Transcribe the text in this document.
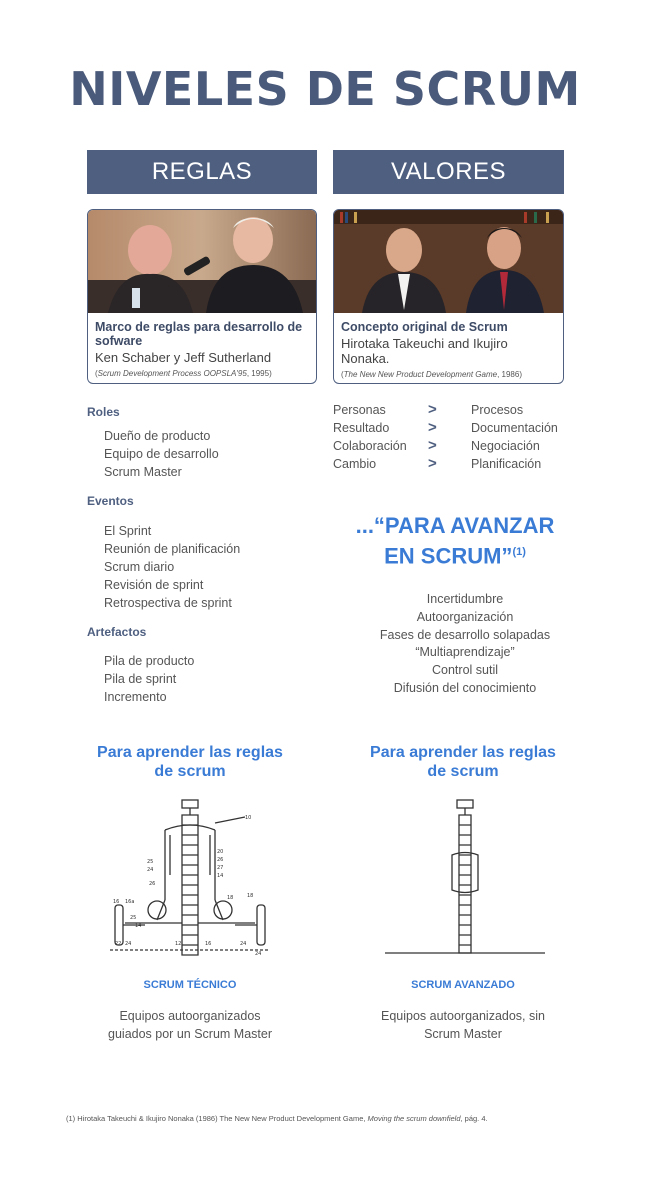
NIVELES DE SCRUM
REGLAS	VALORES
Marco de reglas para desarrollo de sofware
Ken Schaber y Jeff Sutherland
(Scrum Development Process OOPSLA'95, 1995)
Concepto original de Scrum
Hirotaka Takeuchi and Ikujiro Nonaka.
(The New New Product Development Game, 1986)
Roles
Dueño de producto
Equipo de desarrollo
Scrum Master
Eventos
El Sprint
Reunión de planificación
Scrum diario
Revisión de sprint
Retrospectiva de sprint
Artefactos
Pila de producto
Pila de sprint
Incremento
Personas	>	Procesos
Resultado	>	Documentación
Colaboración >	Negociación
Cambio	>	Planificación
...“PARA AVANZAR
EN SCRUM”$^{(1)}$
Incertidumbre
Autoorganización
Fases de desarrollo solapadas
“Multiaprendizaje”
Control sutil
Difusión del conocimiento
Para aprender las reglas
de scrum
Para aprender las reglas
de scrum
10
20
26
27
14
25
24
26
16 16a
18	18
25
14
22 24	12	16	24
24
SCRUM TÉCNICO	SCRUM AVANZADO
Equipos autoorganizados
guiados por un Scrum Master
Equipos autoorganizados, sin
Scrum Master
(1) Hirotaka Takeuchi & Ikujiro Nonaka (1986) The New New Product Development Game, Moving the scrum downfield, pág. 4.
